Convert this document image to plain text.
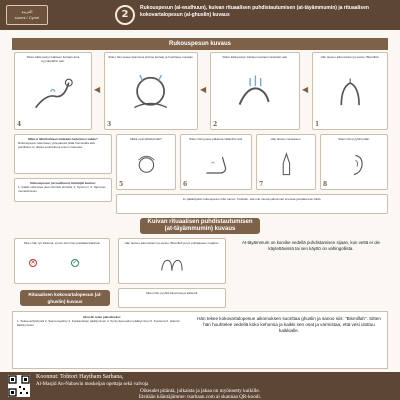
العربية
suomi / Cymri	2
Rukouspesun (al-wudhuun), kuivan rituaalisen puhdistautumisen (at-täyämmumin) ja rituaalisen kokovartalopesun (al-ghuslin) kuvaus
Rukouspesun kuvaus
Sitten kätä pestyn kahteen kertaan aina kyynärpäihin asti.
4
◀
Sitten hän pesee kasvonsa (kolme kertaa) ja huuhtelee suutaan.
3
◀
Sitten kätä pestyn kahteen kertaan ranteisiin asti.
2
◀
Hän lausuu aikomuksen ja sanoo: Bismillah.
1
Mikä ei lähtökohtaan määrään hedenmen sääde?
Rukouspesun tekemisen yhteydessä pitää huomioida että puhdistus on oltava suoritettuna ennen rukousta.
Mitkä ovat lähtökohdat?
5
Sitten hän pesee jalkansa nilkkoihin asti.
6
Hän lausuu rukouksen.
7
Sitten hän pyyhkii pään.
8
Rukouspesun (al-wudhuun) mitätöijät kuuluu:
1. Kaikki mitä tulee ulos intiimieli elimistä. 2. Syvä uni. 3. Tajunnan menettäminen.
Jo päätettyään rukouspesun hän sanoo: Todistan, ettei ole muuta palvonnan arvoista jumalaa kuin Allah.
Kuivan rituaalisen puhdistautumisen
(at-täyämmumin) kuvaus
Sitten hän lyö kätensä, ennen kuin hän puhaltaa käsiinsä.
✕	✓
Hän lausuu aikomuksen ja sanoo: Bismillah ja lyö puhtaaseen maahan.
Sitten hän pyyhkii kasvonsa ja kätensä.
At-täyämmum on korvike vedellä puhdistamisen sijaan, kun vettä ei ole käytettävissä tai sen käyttö on vahingollista.
Rituaalisen kokovartalopesun (al-ghuslin) kuvaus
Ghuslin tulee pakolliseksi:
1. Sukupuoliyhdyntä 2. Siemensyöksy 3. Kuukautisten päättyminen 4. Synnytysvuodon päättyminen 5. Kuolema 6. Islamiin kääntyminen
Hän tekee kokovartalopesun aikomuksen suorittaa ghuslin ja sanoo siis: "Bismillah". Sitten hän huuhtelee vedellä koko kehonsa ja kaikki sen osat ja varmistaa, että vesi ulottuu kaikkialle.
Koonnut: Tohtori Haytham Sarhana,
Al-Masjid An-Nabawin moskeijan opettaja sekä valvoja
Oikeudet pitäntä, julkaista ja jakaa on myönnetty kaikille.
Etsitään kääntäjämme: tsarhaan.com ai skannaa QR-koodi.
